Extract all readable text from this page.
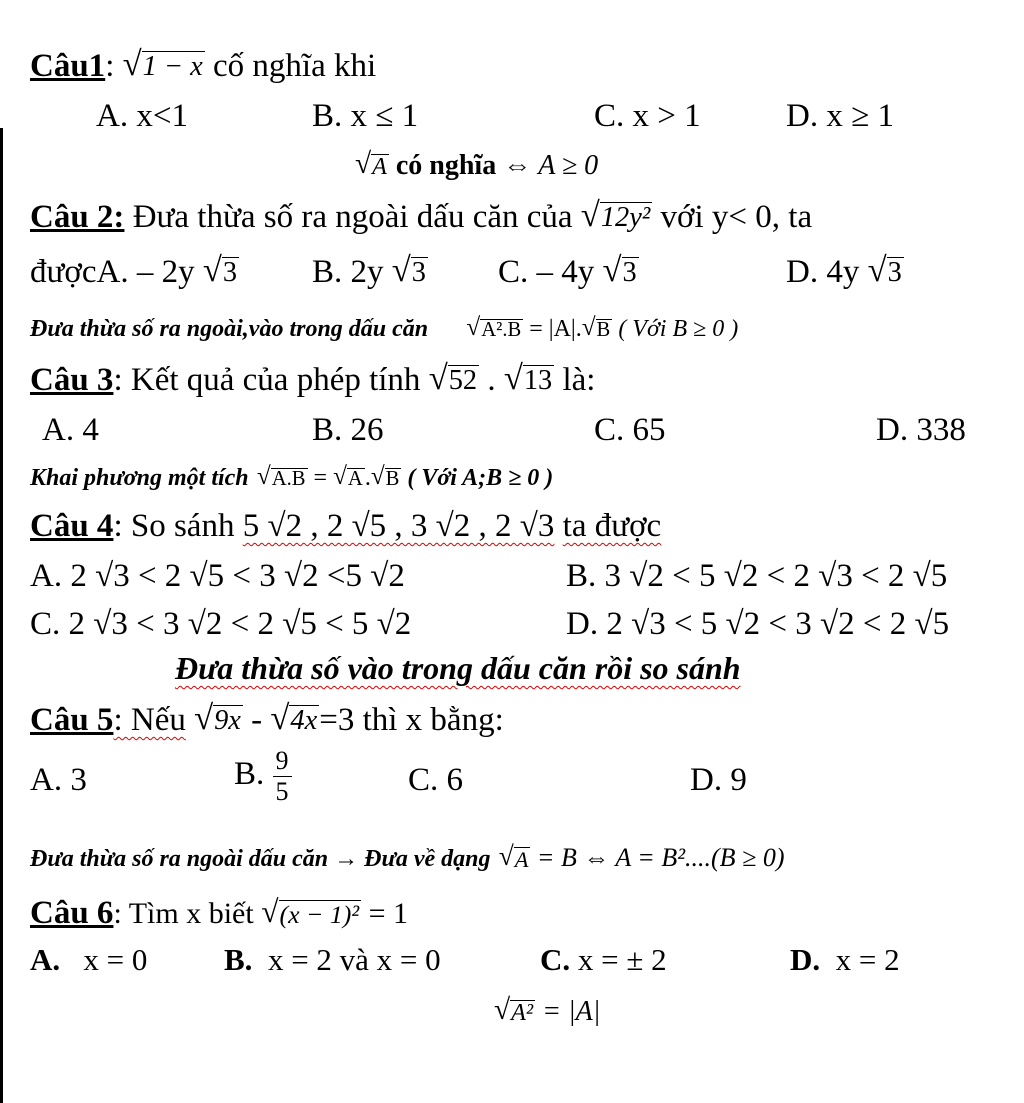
Câu1: √ 1 − x cố nghĩa khi
A. x<1	B. x ≤ 1	C. x > 1	D. x ≥ 1
√ A có nghĩa ⇔ A ≥ 0
Câu 2: Đưa thừa số ra ngoài dấu căn của √ 12y² với y< 0, ta
đượcA. – 2y √ 3 B. 2y √ 3 C. – 4y √ 3	D. 4y √ 3
Đưa thừa số ra ngoài,vào trong dấu căn √ A².B = |A|. √ B ( Với B ≥ 0 )
Câu 3: Kết quả của phép tính √ 52 . √ 13 là:
A. 4	B. 26	C. 65	D. 338
Khai phương một tích √ A.B = √ A . √ B ( Với A;B ≥ 0 )
Câu 4: So sánh 5 √2 , 2 √5 , 3 √2 , 2 √3 ta được
A. 2 √3 < 2 √5 < 3 √2 <5 √2	B. 3 √2 < 5 √2 < 2 √3 < 2 √5
C. 2 √3 < 3 √2 < 2 √5 < 5 √2	D. 2 √3 < 5 √2 < 3 √2 < 2 √5
Đưa thừa số vào trong dấu căn rồi so sánh
Câu 5: Nếu √ 9x - √ 4x =3 thì x bằng:
A. 3	B. $\frac{9}{5}$	C. 6	D. 9
Đưa thừa số ra ngoài dấu căn → Đưa về dạng √ A = B ⇔ A = B²....(B ≥ 0)
Câu 6: Tìm x biết √ (x − 1)² = 1
A. x = 0 B. x = 2 và x = 0	C. x = ± 2	D. x = 2
√ A² = |A|
